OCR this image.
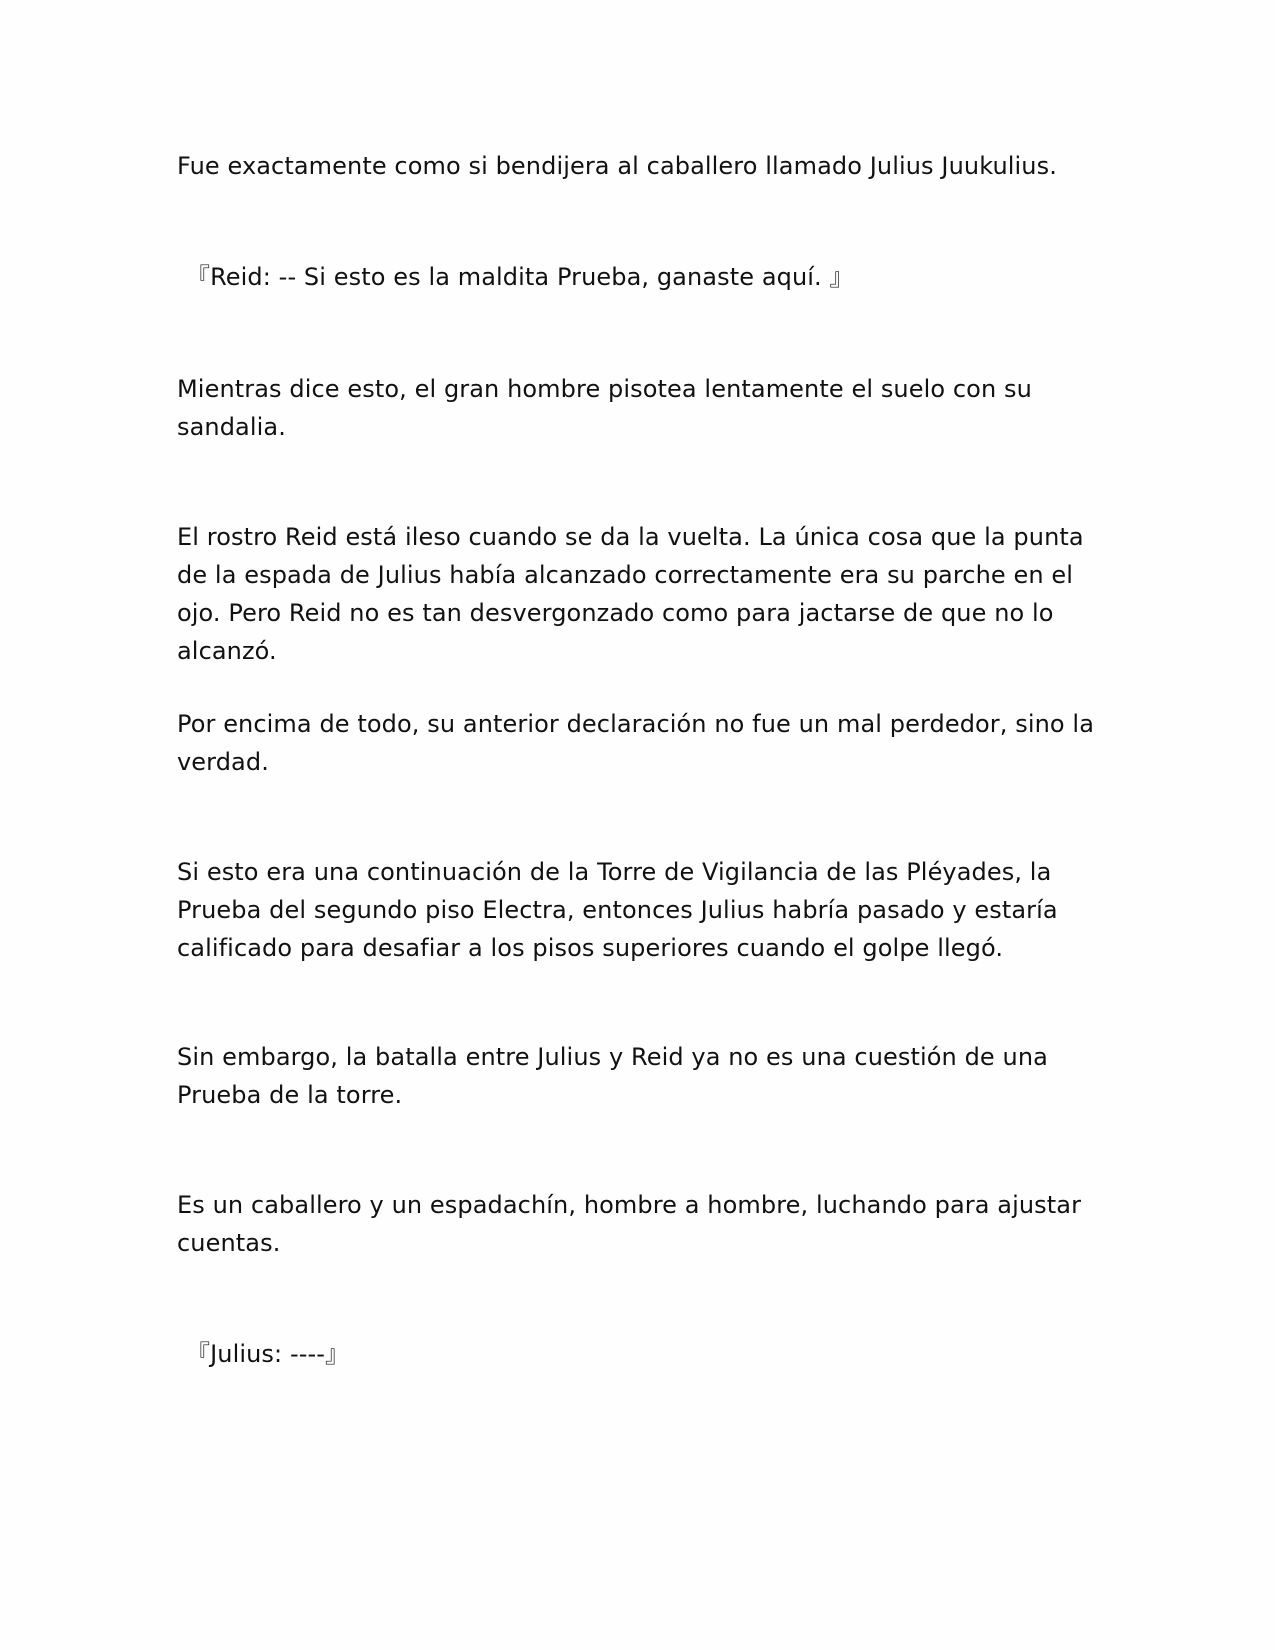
Fue exactamente como si bendijera al caballero llamado Julius Juukulius.

『Reid: -- Si esto es la maldita Prueba, ganaste aquí. 』

Mientras dice esto, el gran hombre pisotea lentamente el suelo con su sandalia.

El rostro Reid está ileso cuando se da la vuelta. La única cosa que la punta de la espada de Julius había alcanzado correctamente era su parche en el ojo. Pero Reid no es tan desvergonzado como para jactarse de que no lo alcanzó.

Por encima de todo, su anterior declaración no fue un mal perdedor, sino la verdad.

Si esto era una continuación de la Torre de Vigilancia de las Pléyades, la Prueba del segundo piso Electra, entonces Julius habría pasado y estaría calificado para desafiar a los pisos superiores cuando el golpe llegó.

Sin embargo, la batalla entre Julius y Reid ya no es una cuestión de una Prueba de la torre.

Es un caballero y un espadachín, hombre a hombre, luchando para ajustar cuentas.

『Julius: ----』
